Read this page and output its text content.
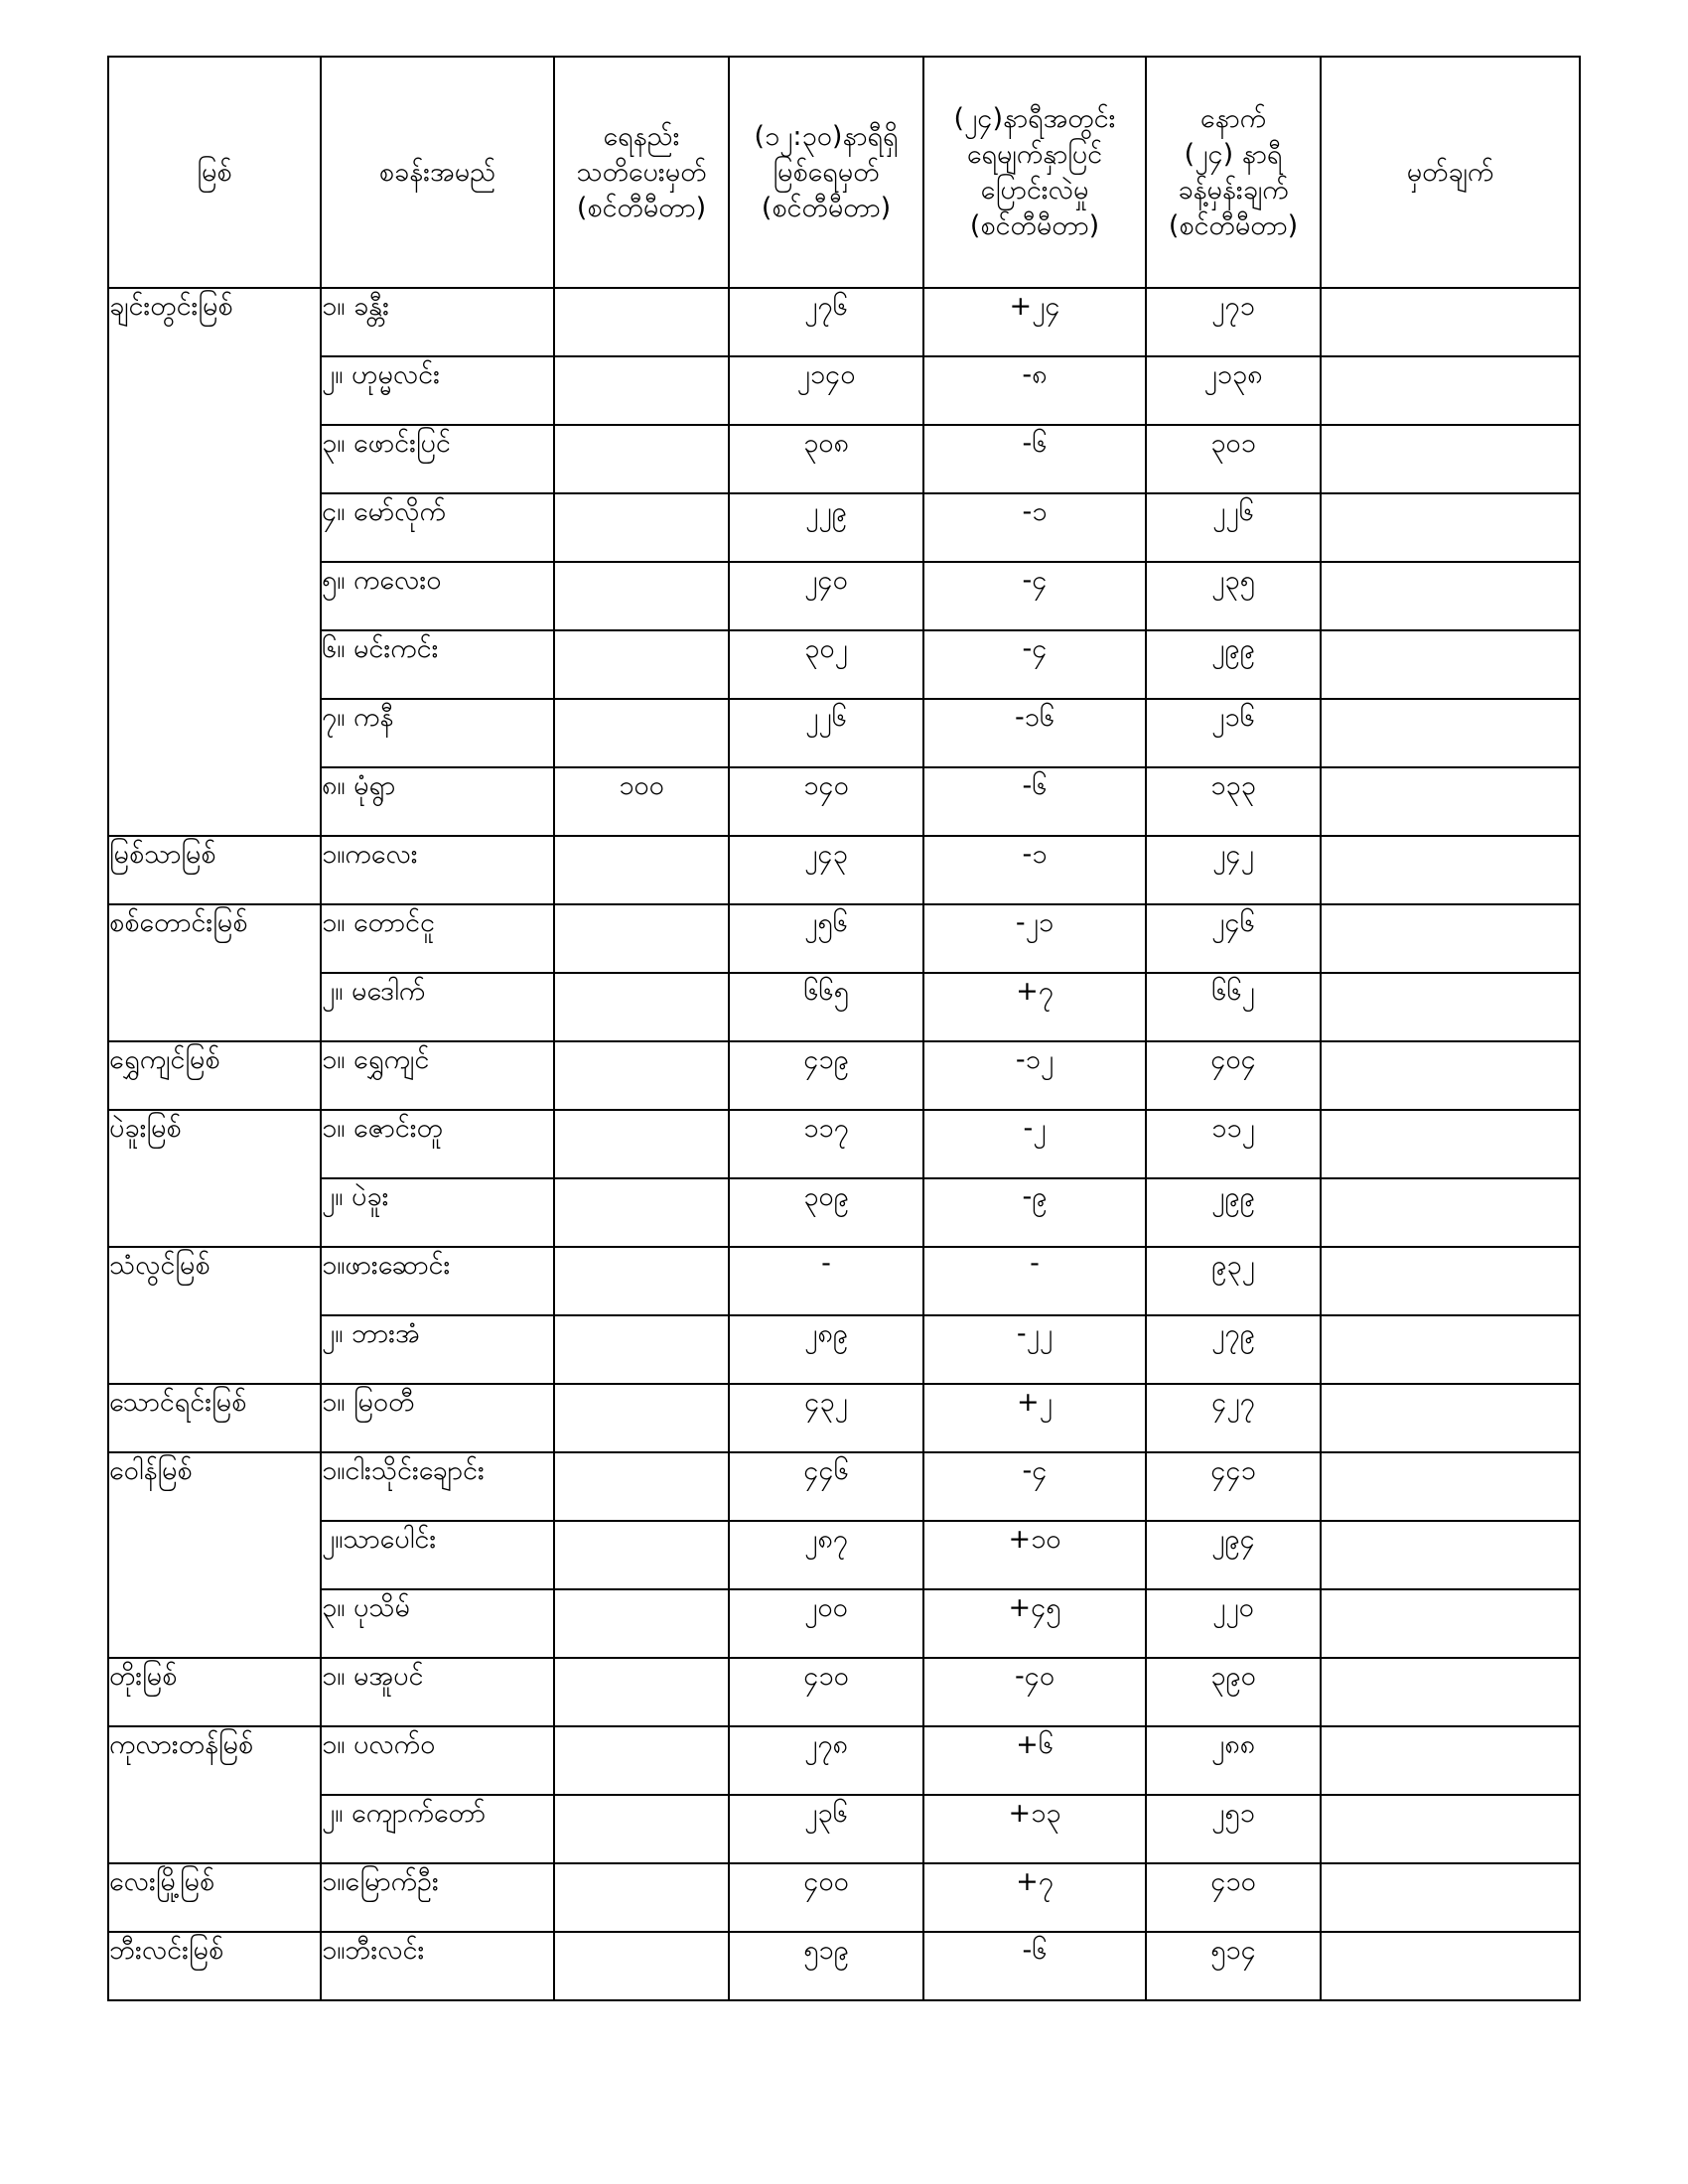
မြစ်	စခန်းအမည်	ရေနည်း
သတိပေးမှတ်
(စင်တီမီတာ)	(၁၂:၃၀)နာရီရှိ
မြစ်ရေမှတ်
(စင်တီမီတာ)	(၂၄)နာရီအတွင်း
ရေမျက်နှာပြင်
ပြောင်းလဲမှု
(စင်တီမီတာ)	နောက်
(၂၄) နာရီ
ခန့်မှန်းချက်
(စင်တီမီတာ)	မှတ်ချက်
ချင်းတွင်းမြစ်	၁။ ခန္တီး		၂၇၆	+၂၄	၂၇၁	
	၂။ ဟုမ္မလင်း		၂၁၄၀	-၈	၂၁၃၈	
	၃။ ဖောင်းပြင်		၃၀၈	-၆	၃၀၁	
	၄။ မော်လိုက်		၂၂၉	-၁	၂၂၆	
	၅။ ကလေးဝ		၂၄၀	-၄	၂၃၅	
	၆။ မင်းကင်း		၃၀၂	-၄	၂၉၉	
	၇။ ကနီ		၂၂၆	-၁၆	၂၁၆	
	၈။ မုံရွာ	၁၀၀	၁၄၀	-၆	၁၃၃	
မြစ်သာမြစ်	၁။ကလေး		၂၄၃	-၁	၂၄၂	
စစ်တောင်းမြစ်	၁။ တောင်ငူ		၂၅၆	-၂၁	၂၄၆	
	၂။ မဒေါက်		၆၆၅	+၇	၆၆၂	
ရွှေကျင်မြစ်	၁။ ရွှေကျင်		၄၁၉	-၁၂	၄၀၄	
ပဲခူးမြစ်	၁။ ဇောင်းတူ		၁၁၇	-၂	၁၁၂	
	၂။ ပဲခူး		၃၀၉	-၉	၂၉၉	
သံလွင်မြစ်	၁။ဖားဆောင်း		-	-	၉၃၂	
	၂။ ဘားအံ		၂၈၉	-၂၂	၂၇၉	
သောင်ရင်းမြစ်	၁။ မြဝတီ		၄၃၂	+၂	၄၂၇	
ဝေါန်မြစ်	၁။ငါးသိုင်းချောင်း		၄၄၆	-၄	၄၄၁	
	၂။သာပေါင်း		၂၈၇	+၁၀	၂၉၄	
	၃။ ပုသိမ်		၂၀၀	+၄၅	၂၂၀	
တိုးမြစ်	၁။ မအူပင်		၄၁၀	-၄၀	၃၉၀	
ကုလားတန်မြစ်	၁။ ပလက်ဝ		၂၇၈	+၆	၂၈၈	
	၂။ ကျောက်တော်		၂၃၆	+၁၃	၂၅၁	
လေးမြို့မြစ်	၁။မြောက်ဦး		၄၀၀	+၇	၄၁၀	
ဘီးလင်းမြစ်	၁။ဘီးလင်း		၅၁၉	-၆	၅၁၄	
